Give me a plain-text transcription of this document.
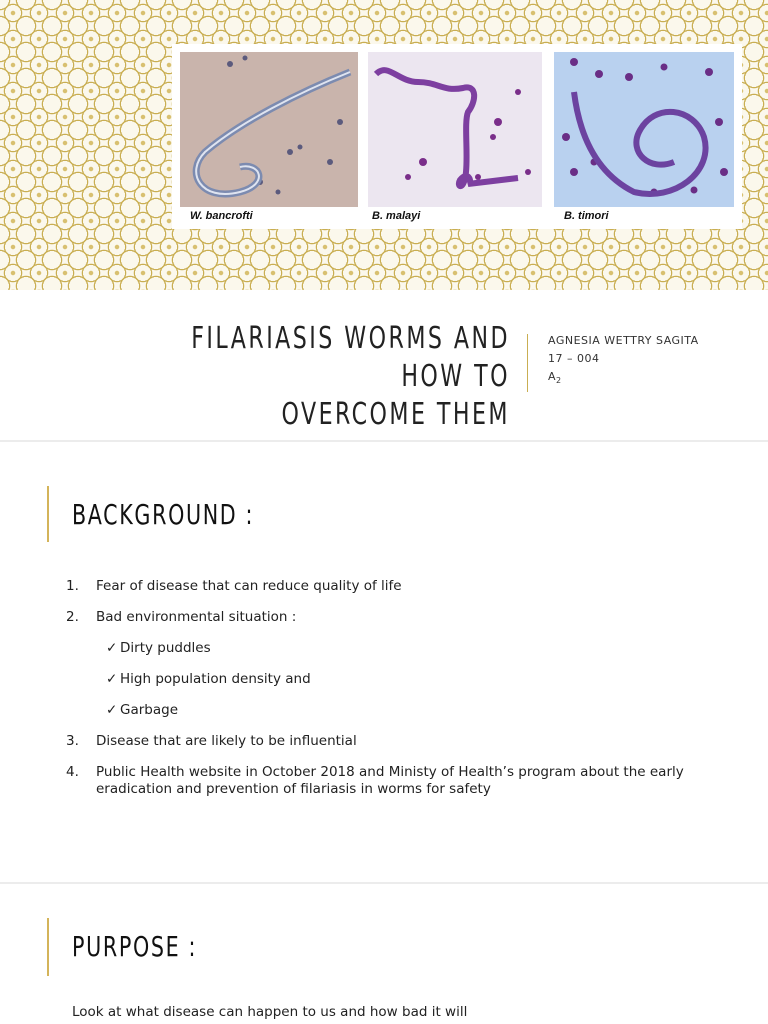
W. bancrofti	B. malayi	B. timori
FILARIASIS WORMS AND HOW TO
OVERCOME THEM
AGNESIA WETTRY SAGITA
17 – 004
$A_2$
BACKGROUND :
1. Fear of disease that can reduce quality of life
2. Bad environmental situation :
✓ Dirty puddles
✓ High population density and
✓ Garbage
3. Disease that are likely to be influential
4. Public Health website in October 2018 and Ministy of Health’s program about the early eradication and prevention of filariasis in worms for safety
PURPOSE :
Look at what disease can happen to us and how bad it will
